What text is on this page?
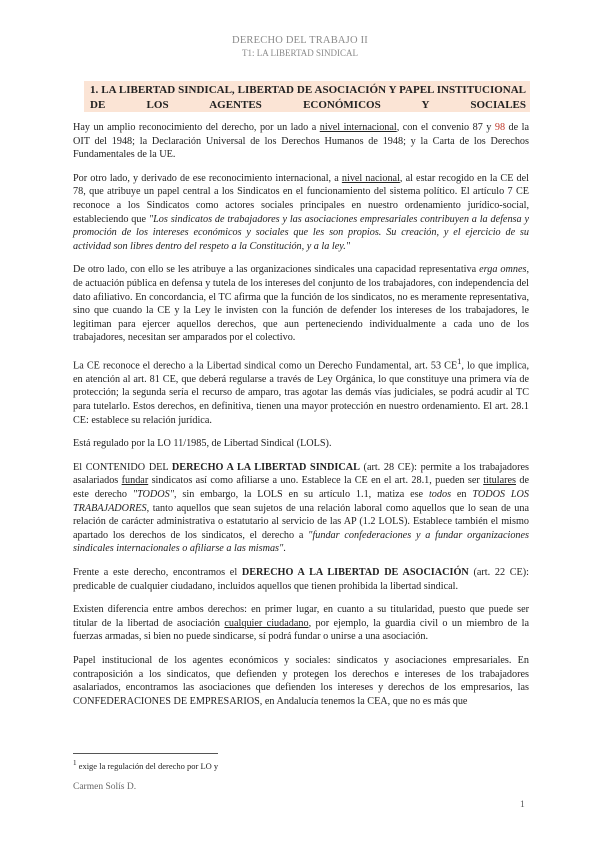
DERECHO DEL TRABAJO II
T1: LA LIBERTAD SINDICAL

1. LA LIBERTAD SINDICAL, LIBERTAD DE ASOCIACIÓN Y PAPEL INSTITUCIONAL DE LOS AGENTES ECONÓMICOS Y SOCIALES

Hay un amplio reconocimiento del derecho, por un lado a nivel internacional, con el convenio 87 y 98 de la OIT del 1948; la Declaración Universal de los Derechos Humanos de 1948; y la Carta de los Derechos Fundamentales de la UE.

Por otro lado, y derivado de ese reconocimiento internacional, a nivel nacional, al estar recogido en la CE del 78, que atribuye un papel central a los Sindicatos en el funcionamiento del sistema político. El artículo 7 CE reconoce a los Sindicatos como actores sociales principales en nuestro ordenamiento jurídico-social, estableciendo que "Los sindicatos de trabajadores y las asociaciones empresariales contribuyen a la defensa y promoción de los intereses económicos y sociales que les son propios. Su creación, y el ejercicio de su actividad son libres dentro del respeto a la Constitución, y a la ley."

De otro lado, con ello se les atribuye a las organizaciones sindicales una capacidad representativa erga omnes, de actuación pública en defensa y tutela de los intereses del conjunto de los trabajadores, con independencia del dato afiliativo. En concordancia, el TC afirma que la función de los sindicatos, no es meramente representativa, sino que cuando la CE y la Ley le invisten con la función de defender los intereses de los trabajadores, le legitiman para ejercer aquellos derechos, que aun perteneciendo individualmente a cada uno de los trabajadores, necesitan ser amparados por el colectivo.

La CE reconoce el derecho a la Libertad sindical como un Derecho Fundamental, art. 53 $CE^1$, lo que implica, en atención al art. 81 CE, que deberá regularse a través de Ley Orgánica, lo que constituye una primera vía de protección; la segunda sería el recurso de amparo, tras agotar las demás vías judiciales, se podrá acudir al TC para tutelarlo. Estos derechos, en definitiva, tienen una mayor protección en nuestro ordenamiento. El art. 28.1 CE: establece su relación jurídica.

Está regulado por la LO 11/1985, de Libertad Sindical (LOLS).

El CONTENIDO DEL DERECHO A LA LIBERTAD SINDICAL (art. 28 CE): permite a los trabajadores asalariados fundar sindicatos así como afiliarse a uno. Establece la CE en el art. 28.1, pueden ser titulares de este derecho "TODOS", sin embargo, la LOLS en su artículo 1.1, matiza ese todos en TODOS LOS TRABAJADORES, tanto aquellos que sean sujetos de una relación laboral como aquellos que lo sean de una relación de carácter administrativa o estatutario al servicio de las AP (1.2 LOLS). Establece también el mismo apartado los derechos de los sindicatos, el derecho a "fundar confederaciones y a fundar organizaciones sindicales internacionales o afiliarse a las mismas".

Frente a este derecho, encontramos el DERECHO A LA LIBERTAD DE ASOCIACIÓN (art. 22 CE): predicable de cualquier ciudadano, incluidos aquellos que tienen prohibida la libertad sindical.

Existen diferencia entre ambos derechos: en primer lugar, en cuanto a su titularidad, puesto que puede ser titular de la libertad de asociación cualquier ciudadano, por ejemplo, la guardia civil o un miembro de la fuerzas armadas, si bien no puede sindicarse, sí podrá fundar o unirse a una asociación.

Papel institucional de los agentes económicos y sociales: sindicatos y asociaciones empresariales. En contraposición a los sindicatos, que defienden y protegen los derechos e intereses de los trabajadores asalariados, encontramos las asociaciones que defienden los intereses y derechos de los empresarios, las CONFEDERACIONES DE EMPRESARIOS, en Andalucía tenemos la CEA, que no es más que

$^1$ exige la regulación del derecho por LO y
Carmen Solís D.
1
